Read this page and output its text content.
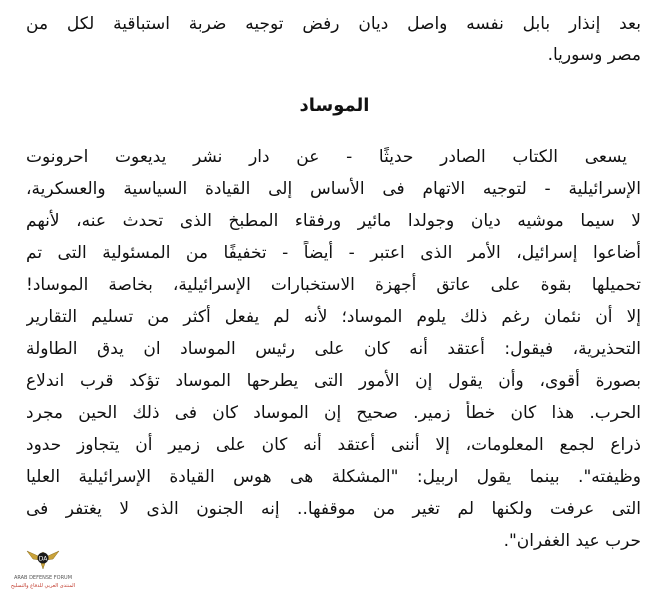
بعد إنذار بابل نفسه واصل ديان رفض توجيه ضربة استباقية لكل من
مصر وسوريا.
الموساد
يسعى الكتاب الصادر حديثًا - عن دار نشر يديعوت احرونوت
الإسرائيلية - لتوجيه الاتهام فى الأساس إلى القيادة السياسية والعسكرية،
لا سيما موشيه ديان وجولدا مائير ورفقاء المطبخ الذى تحدث عنه، لأنهم
أضاعوا إسرائيل، الأمر الذى اعتبر - أيضاً - تخفيفًا من المسئولية التى تم
تحميلها بقوة على عاتق أجهزة الاستخبارات الإسرائيلية، بخاصة الموساد!
إلا أن نئمان رغم ذلك يلوم الموساد؛ لأنه لم يفعل أكثر من تسليم التقارير
التحذيرية، فيقول: أعتقد أنه كان على رئيس الموساد ان يدق الطاولة
بصورة أقوى، وأن يقول إن الأمور التى يطرحها الموساد تؤكد قرب اندلاع
الحرب. هذا كان خطأ زمير. صحيح إن الموساد كان فى ذلك الحين مجرد
ذراع لجمع المعلومات، إلا أننى أعتقد أنه كان على زمير أن يتجاوز حدود
وظيفته". بينما يقول اربيل: "المشكلة هى هوس القيادة الإسرائيلية العليا
التى عرفت ولكنها لم تغير من موقفها.. إنه الجنون الذى لا يغتفر فى
حرب عيد الغفران".
DA
ARAB DEFENSE FORUM
المنتدى العربي للدفاع والتسليح
